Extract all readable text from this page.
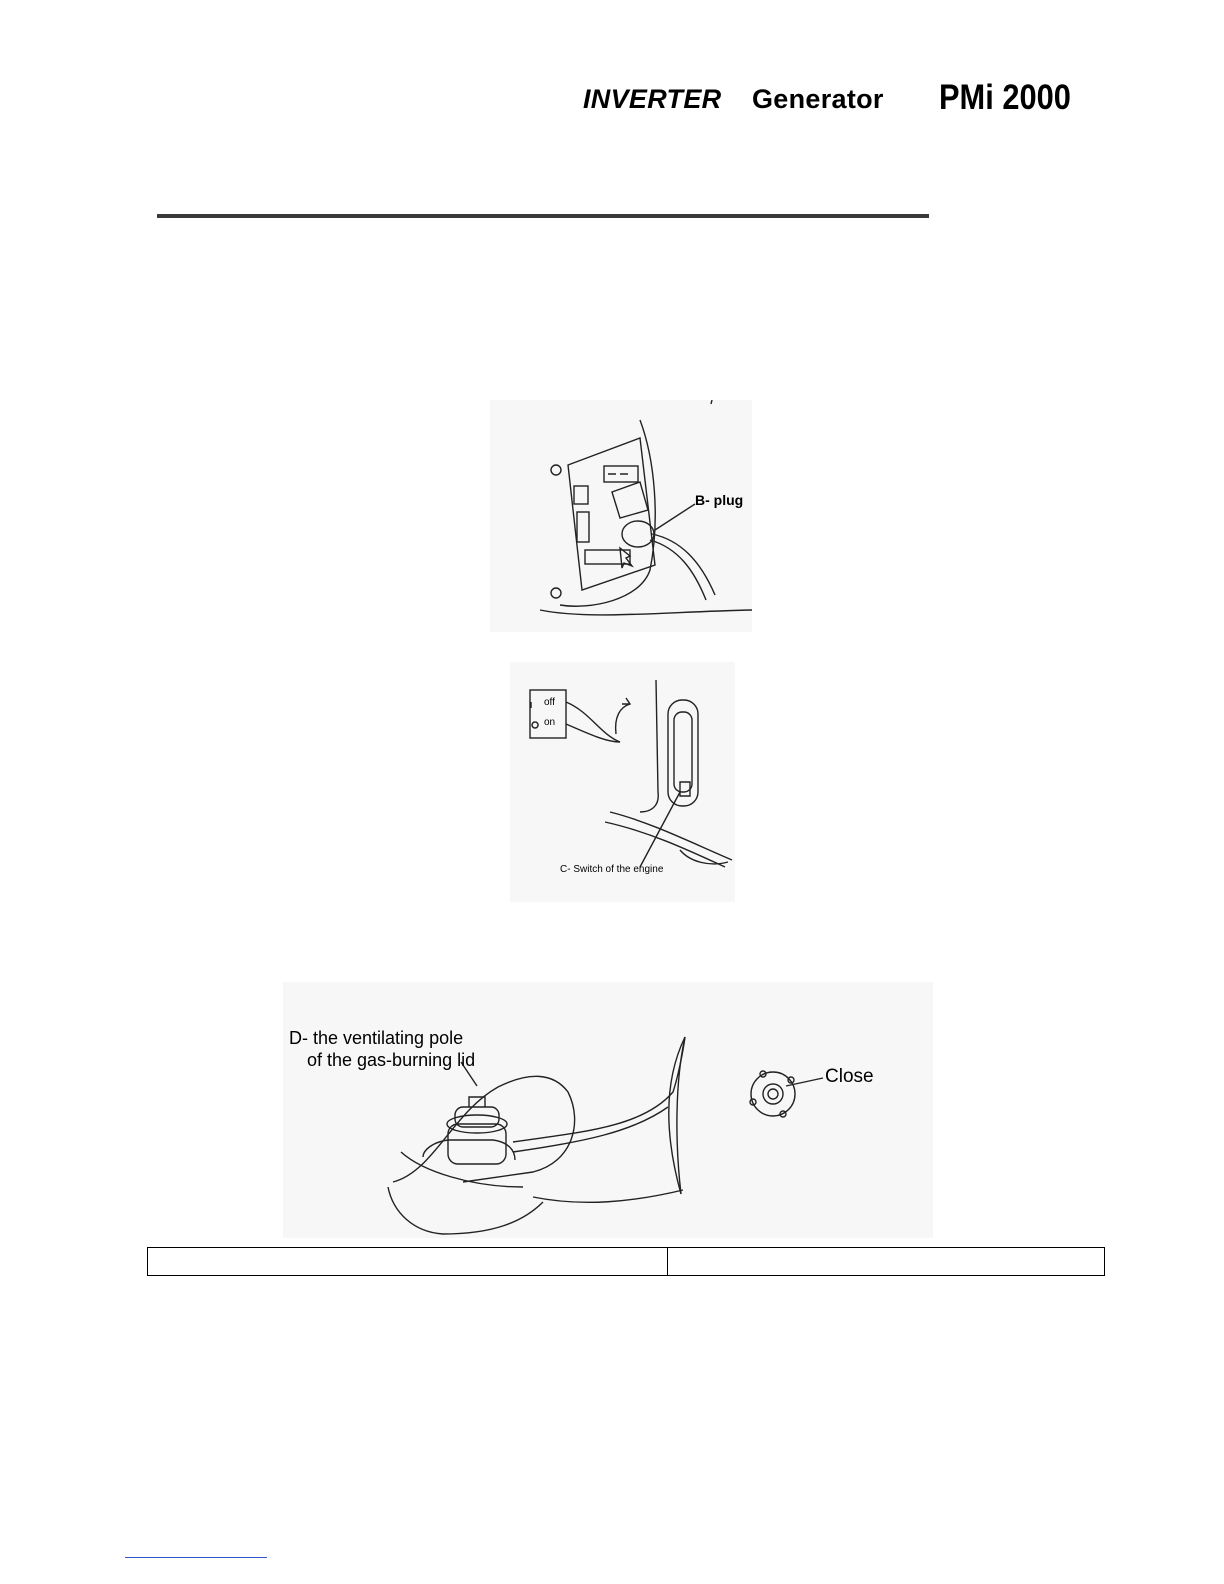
INVERTER Generator PMi 2000
B- plug
off
on
C- Switch of the engine
D- the ventilating pole
of the gas-burning lid
Close
